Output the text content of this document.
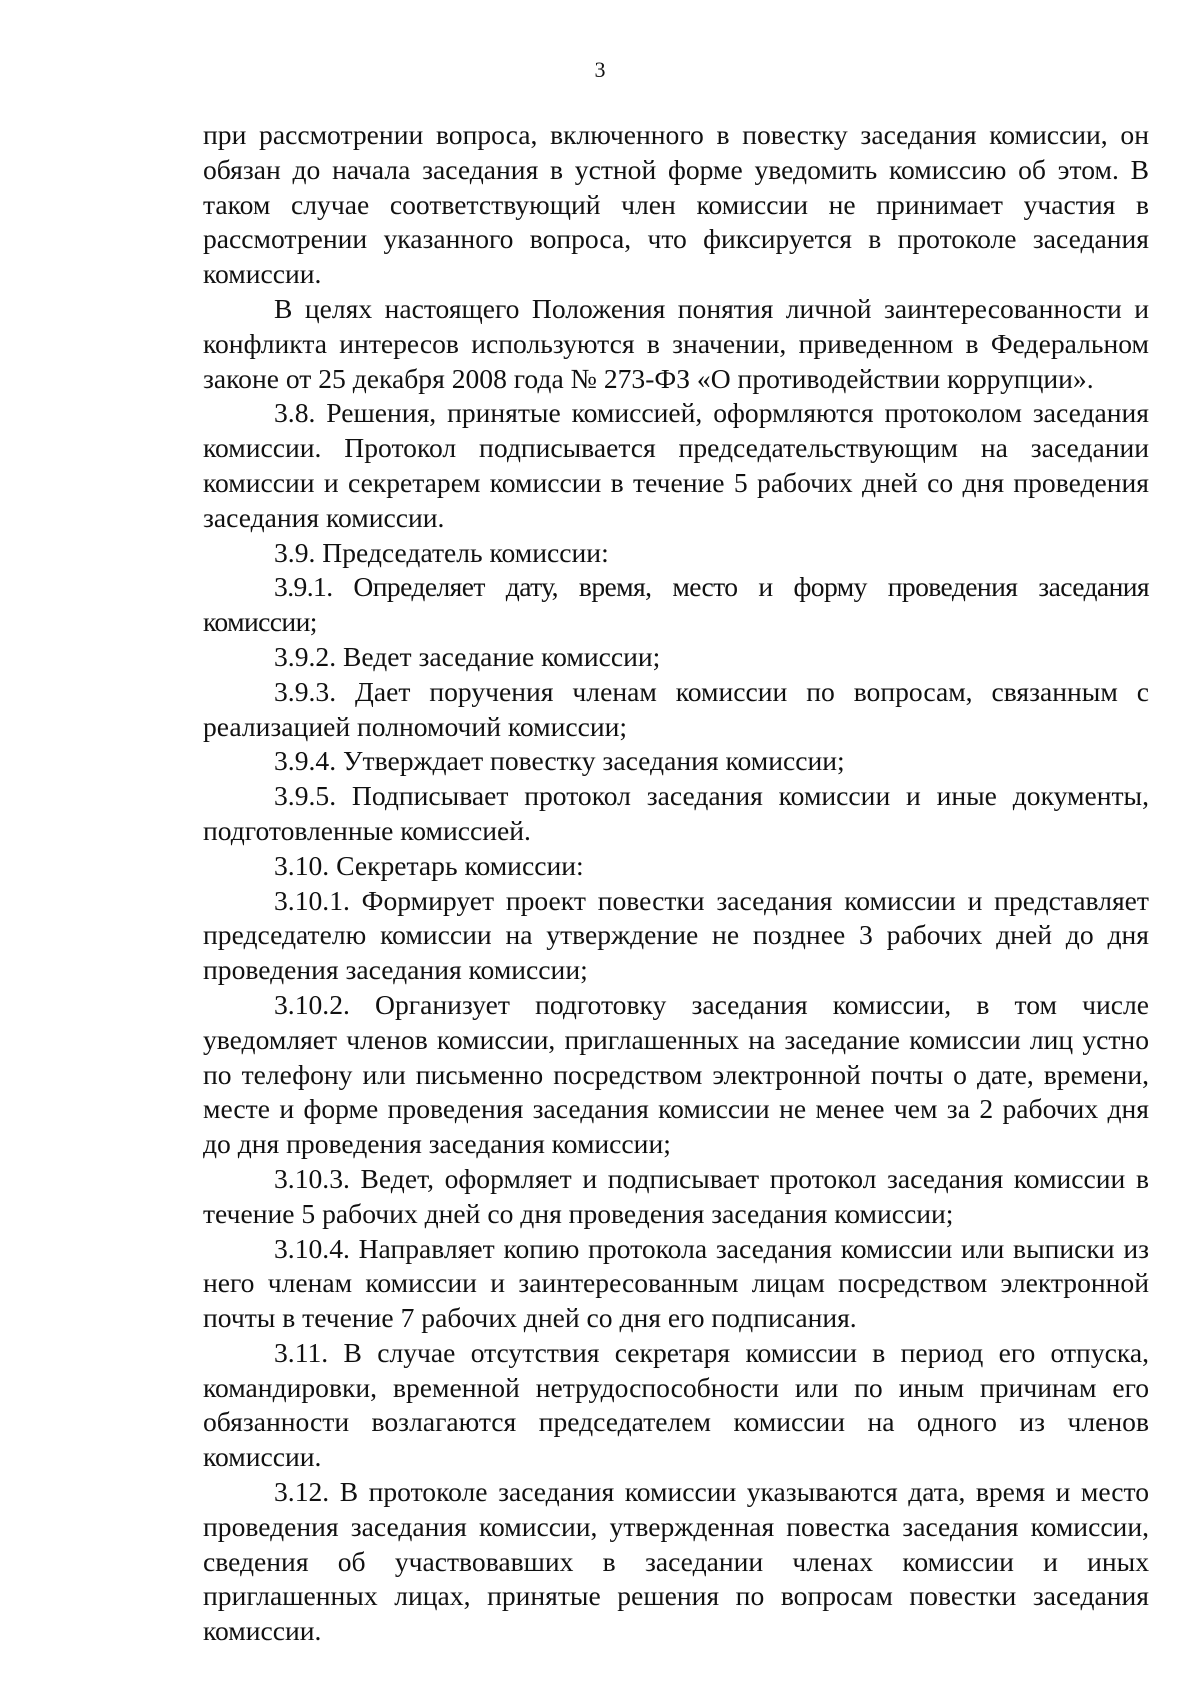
3

при рассмотрении вопроса, включенного в повестку заседания комиссии, он обязан до начала заседания в устной форме уведомить комиссию об этом. В таком случае соответствующий член комиссии не принимает участия в рассмотрении указанного вопроса, что фиксируется в протоколе заседания комиссии.

В целях настоящего Положения понятия личной заинтересованности и конфликта интересов используются в значении, приведенном в Федеральном законе от 25 декабря 2008 года № 273-ФЗ «О противодействии коррупции».

3.8. Решения, принятые комиссией, оформляются протоколом заседания комиссии. Протокол подписывается председательствующим на заседании комиссии и секретарем комиссии в течение 5 рабочих дней со дня проведения заседания комиссии.

3.9. Председатель комиссии:

3.9.1. Определяет дату, время, место и форму проведения заседания комиссии;

3.9.2. Ведет заседание комиссии;

3.9.3. Дает поручения членам комиссии по вопросам, связанным с реализацией полномочий комиссии;

3.9.4. Утверждает повестку заседания комиссии;

3.9.5. Подписывает протокол заседания комиссии и иные документы, подготовленные комиссией.

3.10. Секретарь комиссии:

3.10.1. Формирует проект повестки заседания комиссии и представляет председателю комиссии на утверждение не позднее 3 рабочих дней до дня проведения заседания комиссии;

3.10.2. Организует подготовку заседания комиссии, в том числе уведомляет членов комиссии, приглашенных на заседание комиссии лиц устно по телефону или письменно посредством электронной почты о дате, времени, месте и форме проведения заседания комиссии не менее чем за 2 рабочих дня до дня проведения заседания комиссии;

3.10.3. Ведет, оформляет и подписывает протокол заседания комиссии в течение 5 рабочих дней со дня проведения заседания комиссии;

3.10.4. Направляет копию протокола заседания комиссии или выписки из него членам комиссии и заинтересованным лицам посредством электронной почты в течение 7 рабочих дней со дня его подписания.

3.11. В случае отсутствия секретаря комиссии в период его отпуска, командировки, временной нетрудоспособности или по иным причинам его обязанности возлагаются председателем комиссии на одного из членов комиссии.

3.12. В протоколе заседания комиссии указываются дата, время и место проведения заседания комиссии, утвержденная повестка заседания комиссии, сведения об участвовавших в заседании членах комиссии и иных приглашенных лицах, принятые решения по вопросам повестки заседания комиссии.
